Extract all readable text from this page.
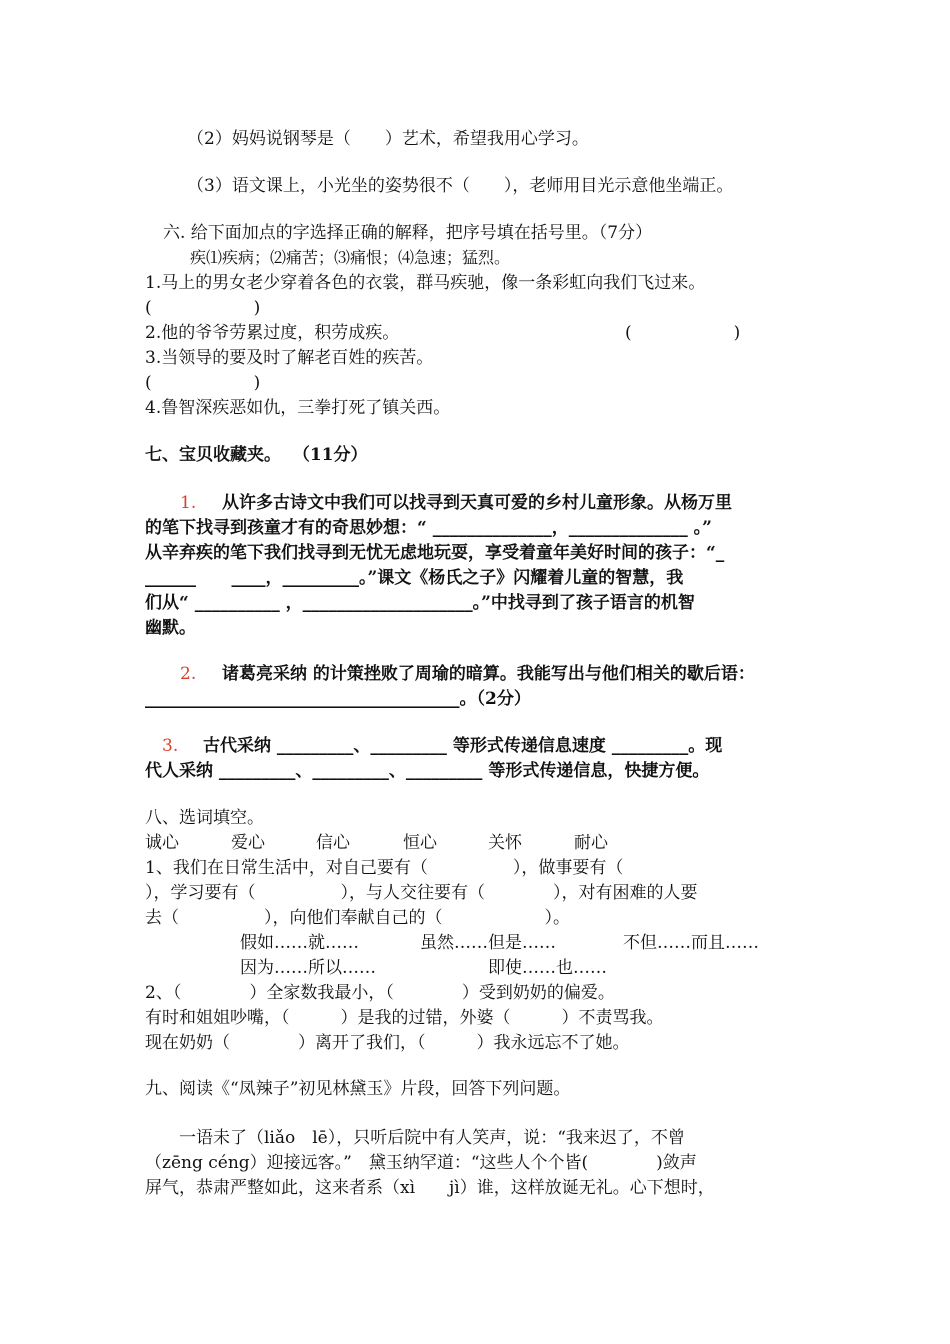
（2）妈妈说钢琴是（　　）艺术，希望我用心学习。
（3）语文课上，小光坐的姿势很不（　　），老师用目光示意他坐端正。
六. 给下面加点的字选择正确的解释，把序号填在括号里。（7分）
疾⑴疾病；⑵痛苦；⑶痛恨；⑷急速；猛烈。
1.马上的男女老少穿着各色的衣裳，群马疾驰，像一条彩虹向我们飞过来。
(　　　　　　)
2.他的爷爷劳累过度，积劳成疾。	(　　　　　　)
3.当领导的要及时了解老百姓的疾苦。
(　　　　　　)
4.鲁智深疾恶如仇，三拳打死了镇关西。
七、宝贝收藏夹。  （11分）
1. 从许多古诗文中我们可以找寻到天真可爱的乡村儿童形象。从杨万里
的笔下找寻到孩童才有的奇思妙想：“ ______________，______________ 。”
从辛弃疾的笔下我们找寻到无忧无虑地玩耍，享受着童年美好时间的孩子：“_
______      ____，_________。”课文《杨氏之子》闪耀着儿童的智慧，我
们从“ __________ ，____________________。”中找寻到了孩子语言的机智
幽默。
2. 诸葛亮采纳 的计策挫败了周瑜的暗算。我能写出与他们相关的歇后语：
_____________________________________。（2分）
3. 古代采纳 _________、_________ 等形式传递信息速度 _________。现
代人采纳 _________、_________、_________ 等形式传递信息，快捷方便。
八、选词填空。
诚心	爱心	信心	恒心	关怀	耐心
1、我们在日常生活中，对自己要有（　　　　　），做事要有（
），学习要有（　　　　　），与人交往要有（　　　　），对有困难的人要
去（　　　　　），向他们奉献自己的（　　　　　　）。
假如……就……	虽然……但是……	不但……而且……
因为……所以……	即使……也……
2、（　　　　）全家数我最小，（　　　　）受到奶奶的偏爱。
有时和姐姐吵嘴，（　　　）是我的过错，外婆（　　　）不责骂我。
现在奶奶（　　　　）离开了我们，（　　　）我永远忘不了她。
九、阅读《“凤辣子”初见林黛玉》片段，回答下列问题。
　　一语未了（liǎo　lē），只听后院中有人笑声，说：“我来迟了，不曾
（zēng céng）迎接远客。”　黛玉纳罕道：“这些人个个皆(　　　　)敛声
屏气，恭肃严整如此，这来者系（xì　　jì）谁，这样放诞无礼。心下想时，
